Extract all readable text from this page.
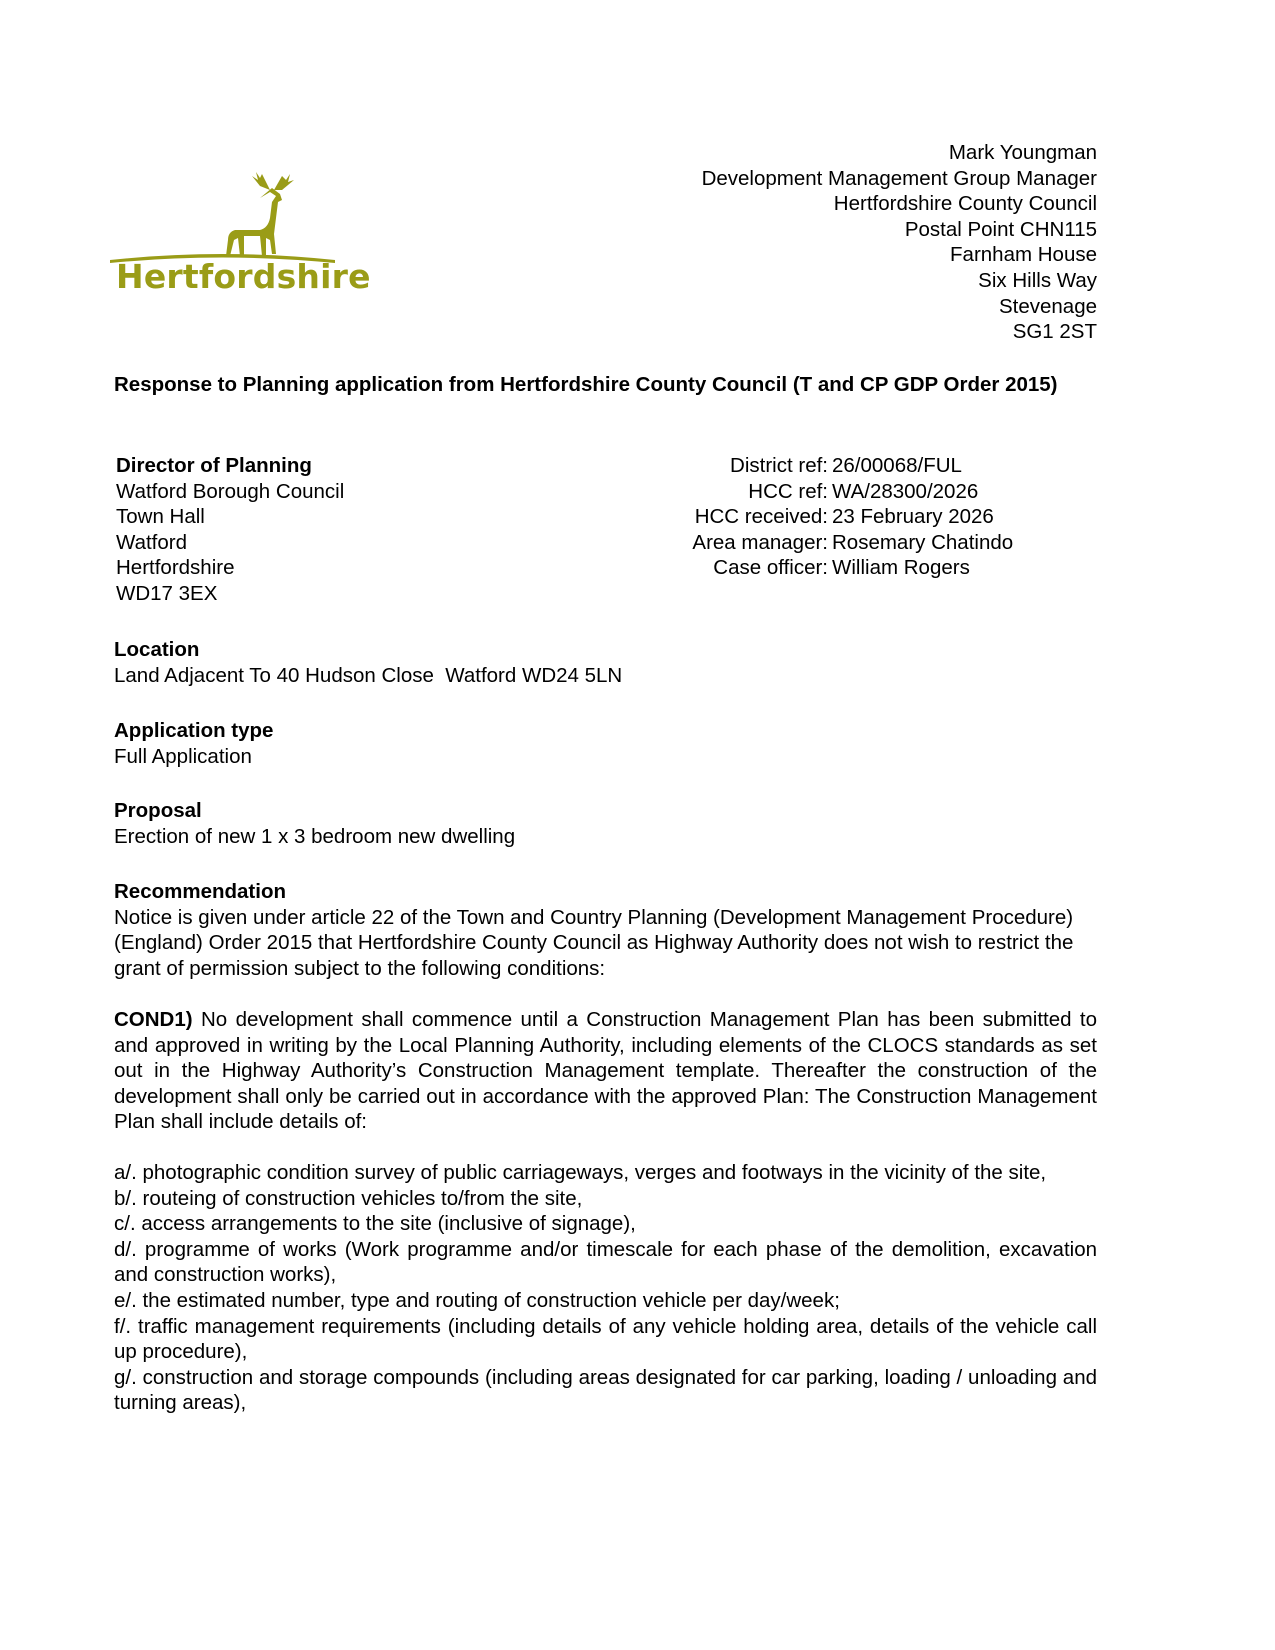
Hertfordshire
Mark Youngman
Development Management Group Manager
Hertfordshire County Council
Postal Point CHN115
Farnham House
Six Hills Way
Stevenage
SG1 2ST
Response to Planning application from Hertfordshire County Council (T and CP GDP Order 2015)
Director of Planning
Watford Borough Council
Town Hall
Watford
Hertfordshire
WD17 3EX
District ref: 26/00068/FUL
HCC ref: WA/28300/2026
HCC received: 23 February 2026
Area manager: Rosemary Chatindo
Case officer: William Rogers
Location
Land Adjacent To 40 Hudson Close  Watford WD24 5LN
Application type
Full Application
Proposal
Erection of new 1 x 3 bedroom new dwelling
Recommendation
Notice is given under article 22 of the Town and Country Planning (Development Management Procedure) (England) Order 2015 that Hertfordshire County Council as Highway Authority does not wish to restrict the grant of permission subject to the following conditions:
COND1) No development shall commence until a Construction Management Plan has been submitted to and approved in writing by the Local Planning Authority, including elements of the CLOCS standards as set out in the Highway Authority’s Construction Management template. Thereafter the construction of the development shall only be carried out in accordance with the approved Plan: The Construction Management Plan shall include details of:
a/. photographic condition survey of public carriageways, verges and footways in the vicinity of the site,
b/. routeing of construction vehicles to/from the site,
c/. access arrangements to the site (inclusive of signage),
d/. programme of works (Work programme and/or timescale for each phase of the demolition, excavation and construction works),
e/. the estimated number, type and routing of construction vehicle per day/week;
f/. traffic management requirements (including details of any vehicle holding area, details of the vehicle call up procedure),
g/. construction and storage compounds (including areas designated for car parking, loading / unloading and turning areas),
